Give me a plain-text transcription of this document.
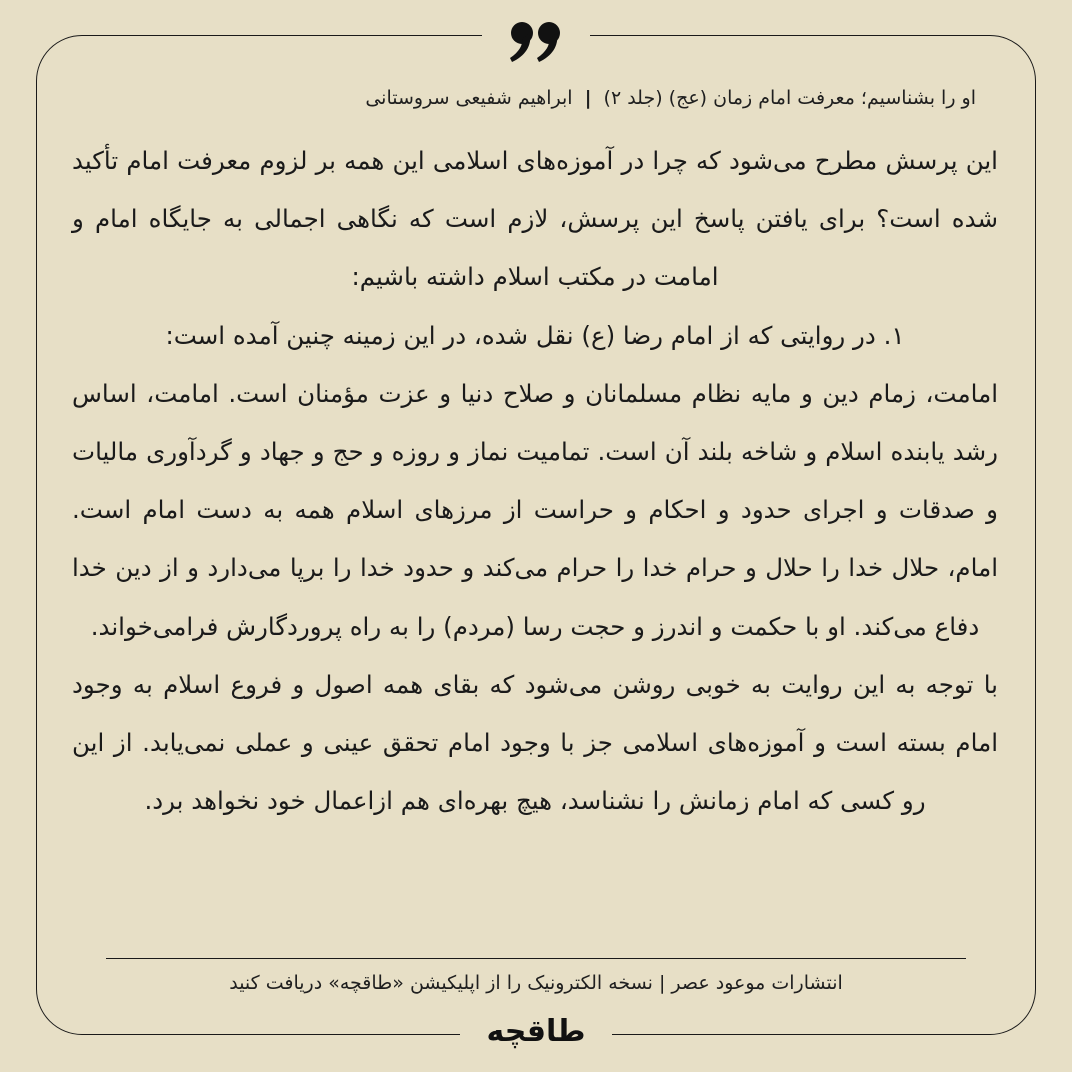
او را بشناسیم؛ معرفت امام زمان (عج) (جلد ۲)|ابراهیم شفیعی سروستانی

این پرسش مطرح می‌شود که چرا در آموزه‌های اسلامی این همه بر لزوم معرفت امام تأکید شده است؟ برای یافتن پاسخ این پرسش، لازم است که نگاهی اجمالی به جایگاه امام و امامت در مکتب اسلام داشته باشیم:

۱. در روایتی که از امام رضا (ع) نقل شده، در این زمینه چنین آمده است:

امامت، زمام دین و مایه نظام مسلمانان و صلاح دنیا و عزت مؤمنان است. امامت، اساس رشد یابنده اسلام و شاخه بلند آن است. تمامیت نماز و روزه و حج و جهاد و گردآوری مالیات و صدقات و اجرای حدود و احکام و حراست از مرزهای اسلام همه به دست امام است. امام، حلال خدا را حلال و حرام خدا را حرام می‌کند و حدود خدا را برپا می‌دارد و از دین خدا دفاع می‌کند. او با حکمت و اندرز و حجت رسا (مردم) را به راه پروردگارش فرامی‌خواند.

با توجه به این روایت به خوبی روشن می‌شود که بقای همه اصول و فروع اسلام به وجود امام بسته است و آموزه‌های اسلامی جز با وجود امام تحقق عینی و عملی نمی‌یابد. از این رو کسی که امام زمانش را نشناسد، هیچ بهره‌ای هم ازاعمال خود نخواهد برد.

انتشارات موعود عصر | نسخه الکترونیک را از اپلیکیشن «طاقچه» دریافت کنید
طاقچه
